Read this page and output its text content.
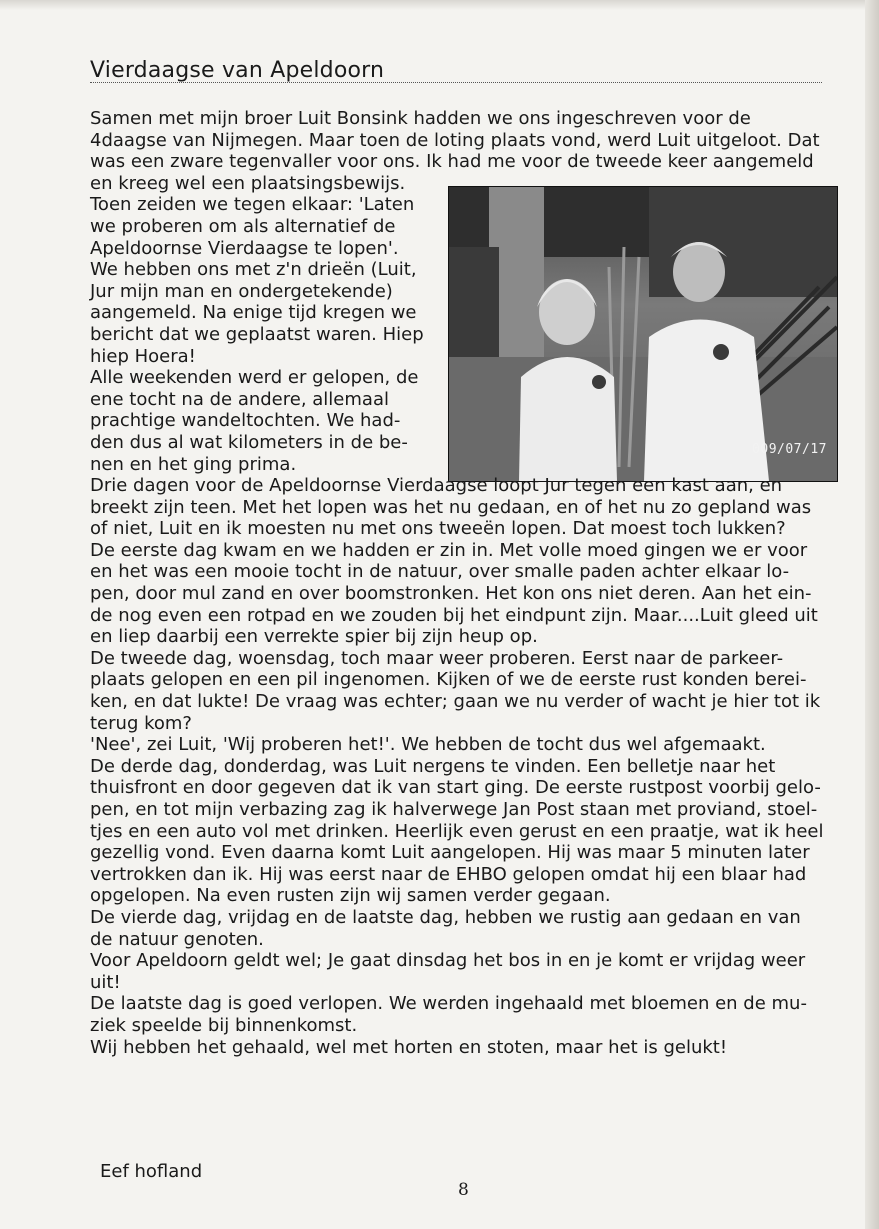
Vierdaagse van Apeldoorn
009/07/17

Samen met mijn broer Luit Bonsink hadden we ons ingeschreven voor de
4daagse van Nijmegen. Maar toen de loting plaats vond, werd Luit uitgeloot. Dat
was een zware tegenvaller voor ons. Ik had me voor de tweede keer aangemeld
en kreeg wel een plaatsingsbewijs.

Toen zeiden we tegen elkaar: 'Laten
we proberen om als alternatief de
Apeldoornse Vierdaagse te lopen'.
We hebben ons met z'n drieën (Luit,
Jur mijn man en ondergetekende)
aangemeld. Na enige tijd kregen we
bericht dat we geplaatst waren. Hiep
hiep Hoera!

Alle weekenden werd er gelopen, de
ene tocht na de andere, allemaal
prachtige wandeltochten. We had-
den dus al wat kilometers in de be-
nen en het ging prima.

Drie dagen voor de Apeldoornse Vierdaagse loopt Jur tegen een kast aan, en
breekt zijn teen. Met het lopen was het nu gedaan, en of het nu zo gepland was
of niet, Luit en ik moesten nu met ons tweeën lopen. Dat moest toch lukken?

De eerste dag kwam en we hadden er zin in. Met volle moed gingen we er voor
en het was een mooie tocht in de natuur, over smalle paden achter elkaar lo-
pen, door mul zand en over boomstronken. Het kon ons niet deren. Aan het ein-
de nog even een rotpad en we zouden bij het eindpunt zijn. Maar....Luit gleed uit
en liep daarbij een verrekte spier bij zijn heup op.

De tweede dag, woensdag, toch maar weer proberen. Eerst naar de parkeer-
plaats gelopen en een pil ingenomen. Kijken of we de eerste rust konden berei-
ken, en dat lukte! De vraag was echter; gaan we nu verder of wacht je hier tot ik
terug kom?

'Nee', zei Luit, 'Wij proberen het!'. We hebben de tocht dus wel afgemaakt.

De derde dag, donderdag, was Luit nergens te vinden. Een belletje naar het
thuisfront en door gegeven dat ik van start ging. De eerste rustpost voorbij gelo-
pen, en tot mijn verbazing zag ik halverwege Jan Post staan met proviand, stoel-
tjes en een auto vol met drinken. Heerlijk even gerust en een praatje, wat ik heel
gezellig vond. Even daarna komt Luit aangelopen. Hij was maar 5 minuten later
vertrokken dan ik. Hij was eerst naar de EHBO gelopen omdat hij een blaar had
opgelopen. Na even rusten zijn wij samen verder gegaan.

De vierde dag, vrijdag en de laatste dag, hebben we rustig aan gedaan en van
de natuur genoten.

Voor Apeldoorn geldt wel; Je gaat dinsdag het bos in en je komt er vrijdag weer
uit!

De laatste dag is goed verlopen. We werden ingehaald met bloemen en de mu-
ziek speelde bij binnenkomst.

Wij hebben het gehaald, wel met horten en stoten, maar het is gelukt!

Eef hofland
8
